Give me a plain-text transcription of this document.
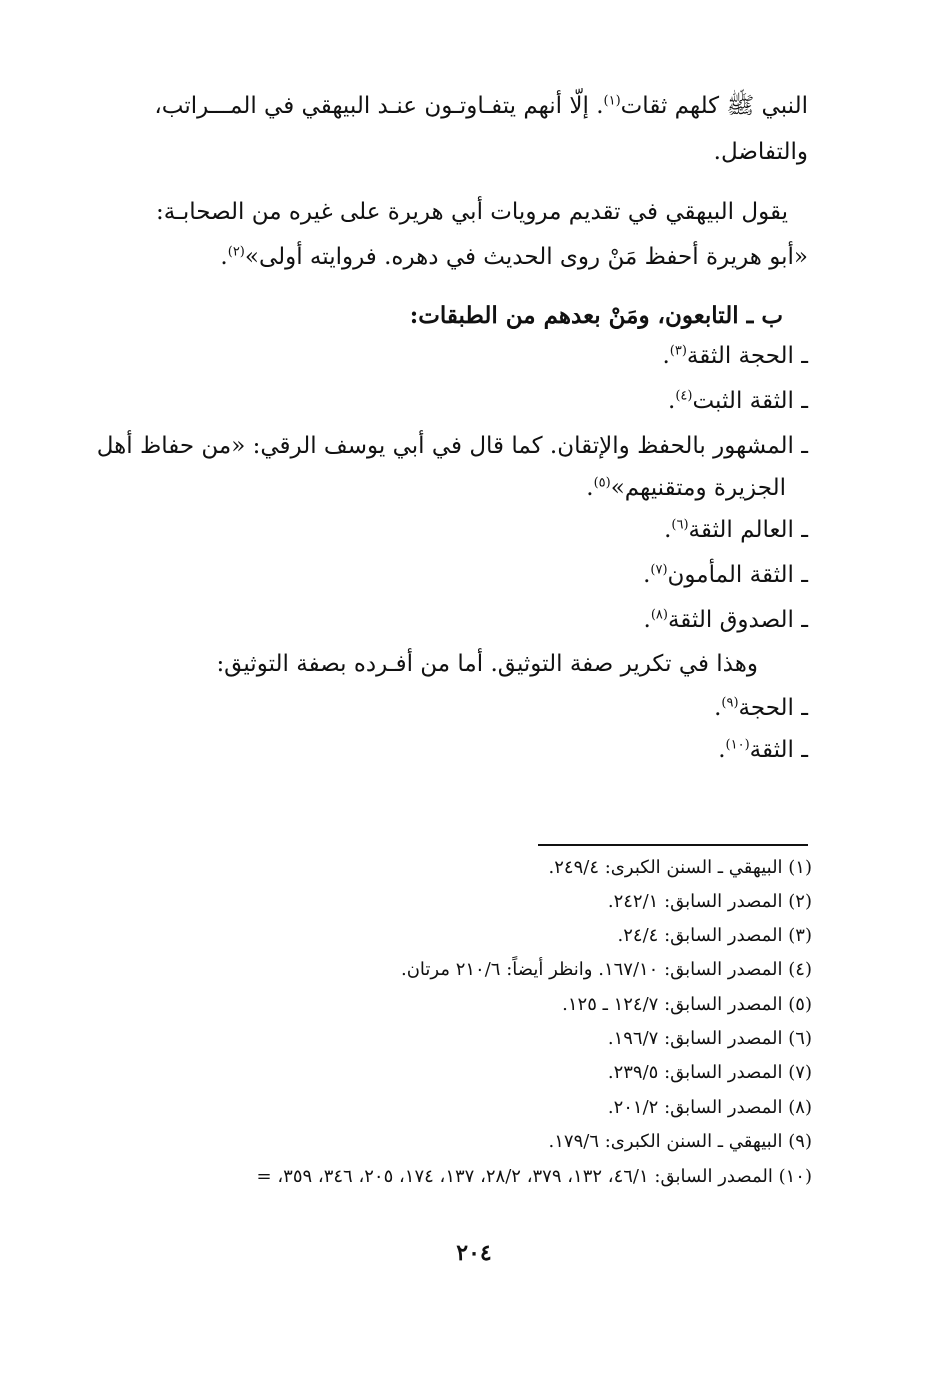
النبي ﷺ كلهم ثقات$^{(١)}$. إلّا أنهم يتفـاوتـون عنـد البيهقي في المـــراتب،
والتفاضل.
يقول البيهقي في تقديم مرويات أبي هريرة على غيره من الصحابـة:
«أبو هريرة أحفظ مَنْ روى الحديث في دهره. فروايته أولى»$^{(٢)}$.
ب ـ التابعون، ومَنْ بعدهم من الطبقات:
ـ الحجة الثقة$^{(٣)}$.
ـ الثقة الثبت$^{(٤)}$.
ـ المشهور بالحفظ والإتقان. كما قال في أبي يوسف الرقي: «من حفاظ أهل
الجزيرة ومتقنيهم»$^{(٥)}$.
ـ العالم الثقة$^{(٦)}$.
ـ الثقة المأمون$^{(٧)}$.
ـ الصدوق الثقة$^{(٨)}$.
وهذا في تكرير صفة التوثيق. أما من أفـرده بصفة التوثيق:
ـ الحجة$^{(٩)}$.
ـ الثقة$^{(١٠)}$.
(١) البيهقي ـ السنن الكبرى: ٢٤٩/٤.
(٢) المصدر السابق: ٢٤٢/١.
(٣) المصدر السابق: ٢٤/٤.
(٤) المصدر السابق: ١٦٧/١٠. وانظر أيضاً: ٢١٠/٦ مرتان.
(٥) المصدر السابق: ١٢٤/٧ ـ ١٢٥.
(٦) المصدر السابق: ١٩٦/٧.
(٧) المصدر السابق: ٢٣٩/٥.
(٨) المصدر السابق: ٢٠١/٢.
(٩) البيهقي ـ السنن الكبرى: ١٧٩/٦.
(١٠) المصدر السابق: ٤٦/١، ١٣٢، ٣٧٩، ٢٨/٢، ١٣٧، ١٧٤، ٢٠٥، ٣٤٦، ٣٥٩، =
٢٠٤
